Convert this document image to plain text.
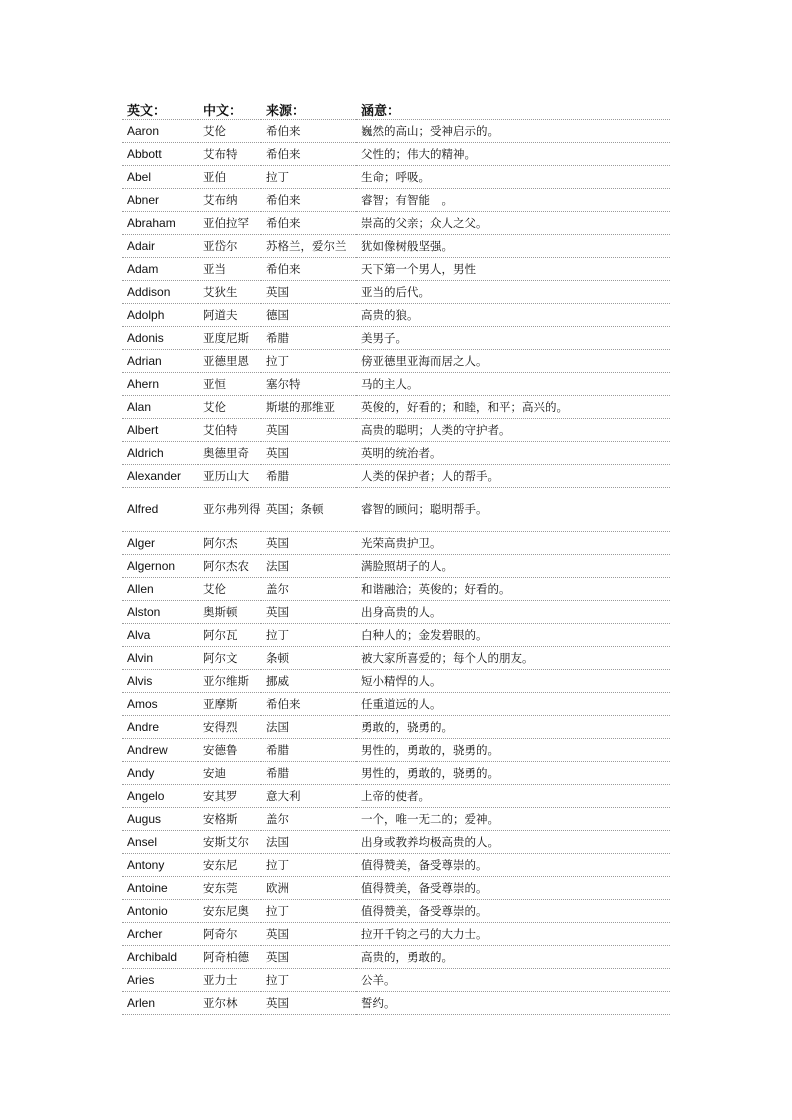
英文：	中文：	来源：	涵意：
Aaron	艾伦	希伯来	巍然的高山；受神启示的。
Abbott	艾布特	希伯来	父性的；伟大的精神。
Abel	亚伯	拉丁	生命；呼吸。
Abner	艾布纳	希伯来	睿智；有智能　。
Abraham	亚伯拉罕	希伯来	崇高的父亲；众人之父。
Adair	亚岱尔	苏格兰，爱尔兰	犹如像树般坚强。
Adam	亚当	希伯来	天下第一个男人，男性
Addison	艾狄生	英国	亚当的后代。
Adolph	阿道夫	德国	高贵的狼。
Adonis	亚度尼斯	希腊	美男子。
Adrian	亚德里恩	拉丁	傍亚德里亚海而居之人。
Ahern	亚恒	塞尔特	马的主人。
Alan	艾伦	斯堪的那维亚	英俊的，好看的；和睦，和平；高兴的。
Albert	艾伯特	英国	高贵的聪明；人类的守护者。
Aldrich	奥德里奇	英国	英明的统治者。
Alexander	亚历山大	希腊	人类的保护者；人的帮手。
Alfred	亚尔弗列得	英国；条顿	睿智的顾问；聪明帮手。
Alger	阿尔杰	英国	光荣高贵护卫。
Algernon	阿尔杰农	法国	满脸照胡子的人。
Allen	艾伦	盖尔	和谐融洽；英俊的；好看的。
Alston	奥斯顿	英国	出身高贵的人。
Alva	阿尔瓦	拉丁	白种人的；金发碧眼的。
Alvin	阿尔文	条顿	被大家所喜爱的；每个人的朋友。
Alvis	亚尔维斯	挪威	短小精悍的人。
Amos	亚摩斯	希伯来	任重道远的人。
Andre	安得烈	法国	勇敢的，骁勇的。
Andrew	安德鲁	希腊	男性的，勇敢的，骁勇的。
Andy	安迪	希腊	男性的，勇敢的，骁勇的。
Angelo	安其罗	意大利	上帝的使者。
Augus	安格斯	盖尔	一个，唯一无二的；爱神。
Ansel	安斯艾尔	法国	出身或教养均极高贵的人。
Antony	安东尼	拉丁	值得赞美，备受尊崇的。
Antoine	安东莞	欧洲	值得赞美，备受尊崇的。
Antonio	安东尼奥	拉丁	值得赞美，备受尊崇的。
Archer	阿奇尔	英国	拉开千钧之弓的大力士。
Archibald	阿奇柏德	英国	高贵的，勇敢的。
Aries	亚力士	拉丁	公羊。
Arlen	亚尔林	英国	誓约。
